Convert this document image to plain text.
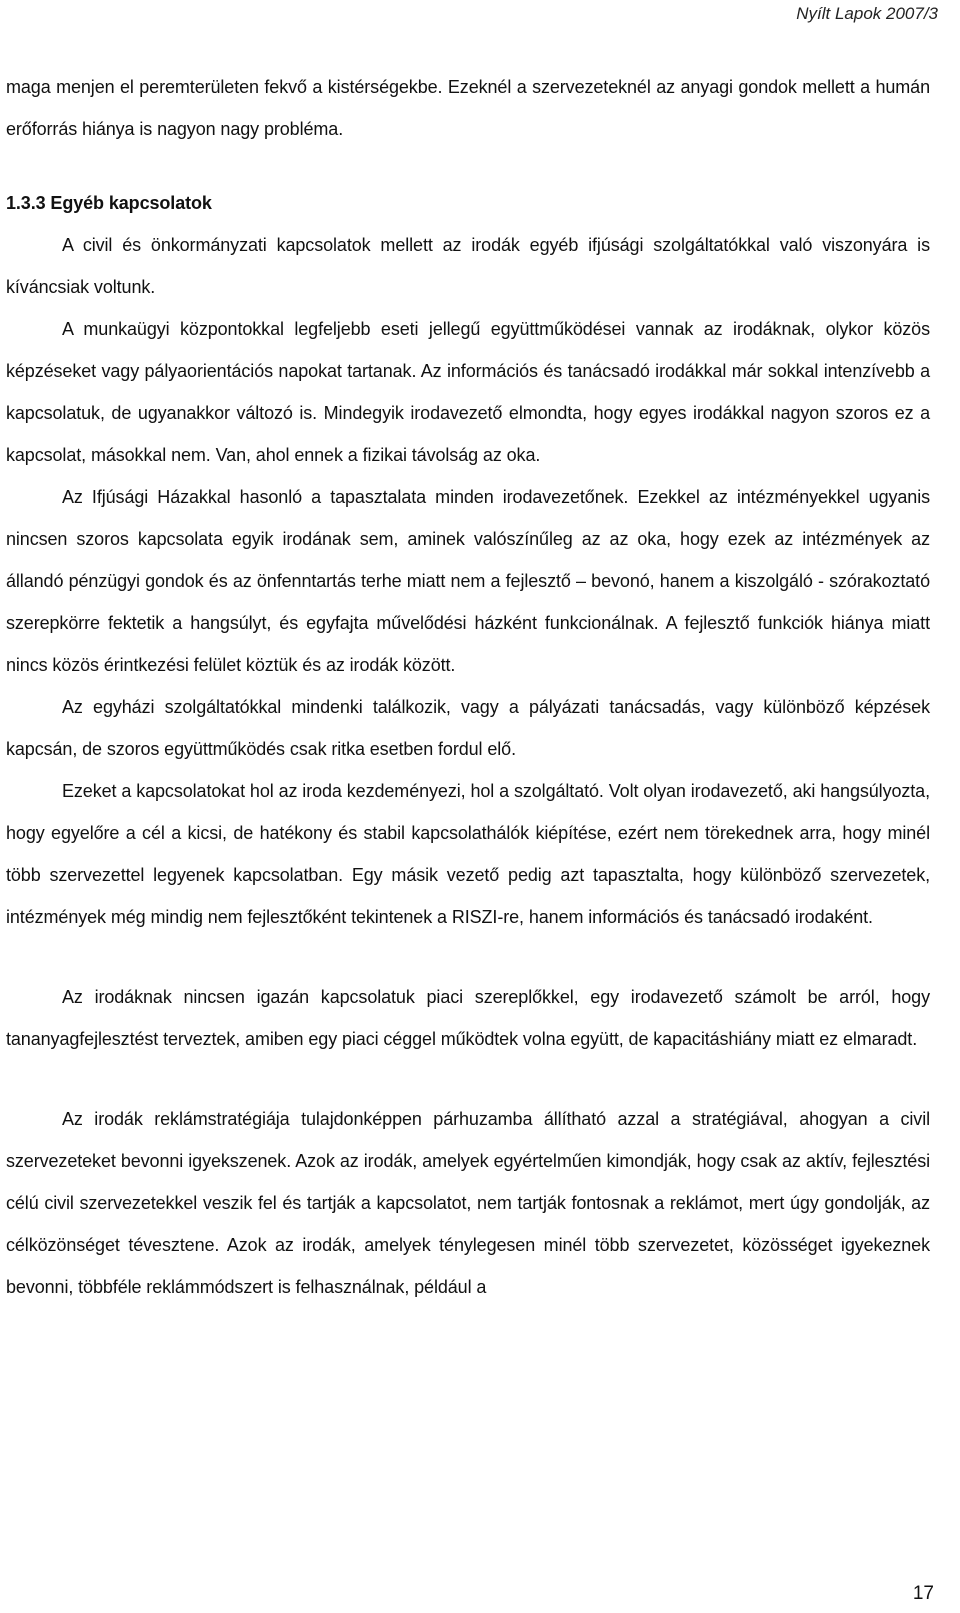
Nyílt Lapok 2007/3

maga menjen el peremterületen fekvő a kistérségekbe. Ezeknél a szervezeteknél az anyagi gondok mellett a humán erőforrás hiánya is nagyon nagy probléma.

1.3.3 Egyéb kapcsolatok

A civil és önkormányzati kapcsolatok mellett az irodák egyéb ifjúsági szolgáltatókkal való viszonyára is kíváncsiak voltunk.

A munkaügyi központokkal legfeljebb eseti jellegű együttműködései vannak az irodáknak, olykor közös képzéseket vagy pályaorientációs napokat tartanak. Az információs és tanácsadó irodákkal már sokkal intenzívebb a kapcsolatuk, de ugyanakkor változó is. Mindegyik irodavezető elmondta, hogy egyes irodákkal nagyon szoros ez a kapcsolat, másokkal nem. Van, ahol ennek a fizikai távolság az oka.

Az Ifjúsági Házakkal hasonló a tapasztalata minden irodavezetőnek. Ezekkel az intézményekkel ugyanis nincsen szoros kapcsolata egyik irodának sem, aminek valószínűleg az az oka, hogy ezek az intézmények az állandó pénzügyi gondok és az önfenntartás terhe miatt nem a fejlesztő – bevonó, hanem a kiszolgáló - szórakoztató szerepkörre fektetik a hangsúlyt, és egyfajta művelődési házként funkcionálnak. A fejlesztő funkciók hiánya miatt nincs közös érintkezési felület köztük és az irodák között.

Az egyházi szolgáltatókkal mindenki találkozik, vagy a pályázati tanácsadás, vagy különböző képzések kapcsán, de szoros együttműködés csak ritka esetben fordul elő.

Ezeket a kapcsolatokat hol az iroda kezdeményezi, hol a szolgáltató. Volt olyan irodavezető, aki hangsúlyozta, hogy egyelőre a cél a kicsi, de hatékony és stabil kapcsolathálók kiépítése, ezért nem törekednek arra, hogy minél több szervezettel legyenek kapcsolatban. Egy másik vezető pedig azt tapasztalta, hogy különböző szervezetek, intézmények még mindig nem fejlesztőként tekintenek a RISZI-re, hanem információs és tanácsadó irodaként.

Az irodáknak nincsen igazán kapcsolatuk piaci szereplőkkel, egy irodavezető számolt be arról, hogy tananyagfejlesztést terveztek, amiben egy piaci céggel működtek volna együtt, de kapacitáshiány miatt ez elmaradt.

Az irodák reklámstratégiája tulajdonképpen párhuzamba állítható azzal a stratégiával, ahogyan a civil szervezeteket bevonni igyekszenek. Azok az irodák, amelyek egyértelműen kimondják, hogy csak az aktív, fejlesztési célú civil szervezetekkel veszik fel és tartják a kapcsolatot, nem tartják fontosnak a reklámot, mert úgy gondolják, az célközönséget tévesztene. Azok az irodák, amelyek ténylegesen minél több szervezetet, közösséget igyekeznek bevonni, többféle reklámmódszert is felhasználnak, például a

17
